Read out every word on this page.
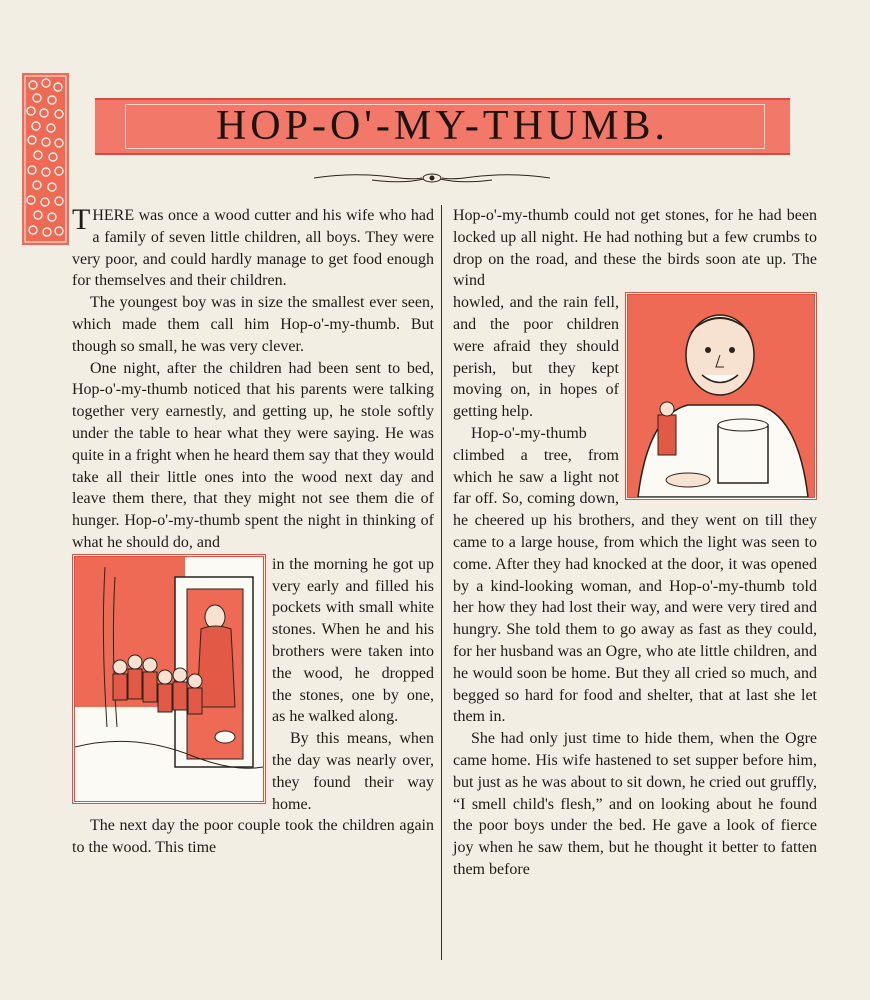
HOP-O'-MY-THUMB.

THERE was once a wood cutter and his wife who had a family of seven little children, all boys. They were very poor, and could hardly manage to get food enough for themselves and their children.

The youngest boy was in size the smallest ever seen, which made them call him Hop-o'-my-thumb. But though so small, he was very clever.

One night, after the children had been sent to bed, Hop-o'-my-thumb noticed that his parents were talking together very earnestly, and getting up, he stole softly under the table to hear what they were saying. He was quite in a fright when he heard them say that they would take all their little ones into the wood next day and leave them there, that they might not see them die of hunger. Hop-o'-my-thumb spent the night in thinking of what he should do, and

in the morning he got up very early and filled his pockets with small white stones. When he and his brothers were taken into the wood, he dropped the stones, one by one, as he walked along.

By this means, when the day was nearly over, they found their way home.

The next day the poor couple took the children again to the wood. This time

Hop-o'-my-thumb could not get stones, for he had been locked up all night. He had nothing but a few crumbs to drop on the road, and these the birds soon ate up. The wind

howled, and the rain fell, and the poor children were afraid they should perish, but they kept moving on, in hopes of getting help.

Hop-o'-my-thumb climbed a tree, from which he saw a light not far off. So, coming down, he cheered up his brothers, and they went on till they came to a large house, from which the light was seen to come. After they had knocked at the door, it was opened by a kind-looking woman, and Hop-o'-my-thumb told her how they had lost their way, and were very tired and hungry. She told them to go away as fast as they could, for her husband was an Ogre, who ate little children, and he would soon be home. But they all cried so much, and begged so hard for food and shelter, that at last she let them in.

She had only just time to hide them, when the Ogre came home. His wife hastened to set supper before him, but just as he was about to sit down, he cried out gruffly, “I smell child's flesh,” and on looking about he found the poor boys under the bed. He gave a look of fierce joy when he saw them, but he thought it better to fatten them before
